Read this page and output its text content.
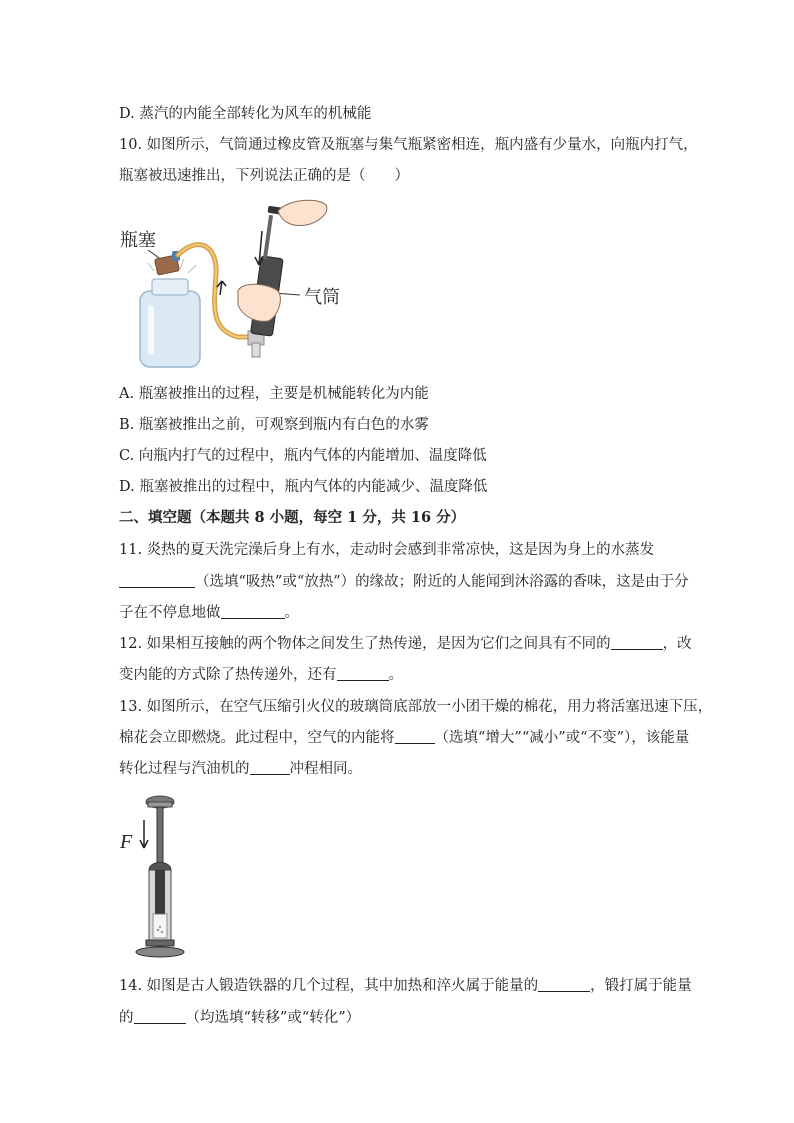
D. 蒸汽的内能全部转化为风车的机械能
10. 如图所示，气筒通过橡皮管及瓶塞与集气瓶紧密相连，瓶内盛有少量水，向瓶内打气，
瓶塞被迅速推出，下列说法正确的是（　　）
瓶塞
气筒
A. 瓶塞被推出的过程，主要是机械能转化为内能
B. 瓶塞被推出之前，可观察到瓶内有白色的水雾
C. 向瓶内打气的过程中，瓶内气体的内能增加、温度降低
D. 瓶塞被推出的过程中，瓶内气体的内能减少、温度降低
二、填空题（本题共 8 小题，每空 1 分，共 16 分）
11. 炎热的夏天洗完澡后身上有水，走动时会感到非常凉快，这是因为身上的水蒸发
（选填“吸热”或“放热”）的缘故；附近的人能闻到沐浴露的香味，这是由于分
子在不停息地做	。
12. 如果相互接触的两个物体之间发生了热传递，是因为它们之间具有不同的	，改
变内能的方式除了热传递外，还有	。
13. 如图所示，在空气压缩引火仪的玻璃筒底部放一小团干燥的棉花，用力将活塞迅速下压，
棉花会立即燃烧。此过程中，空气的内能将	（选填“增大”“减小”或“不变”），该能量
转化过程与汽油机的	冲程相同。
F
14. 如图是古人锻造铁器的几个过程，其中加热和淬火属于能量的	，锻打属于能量
的	（均选填“转移”或“转化”）
